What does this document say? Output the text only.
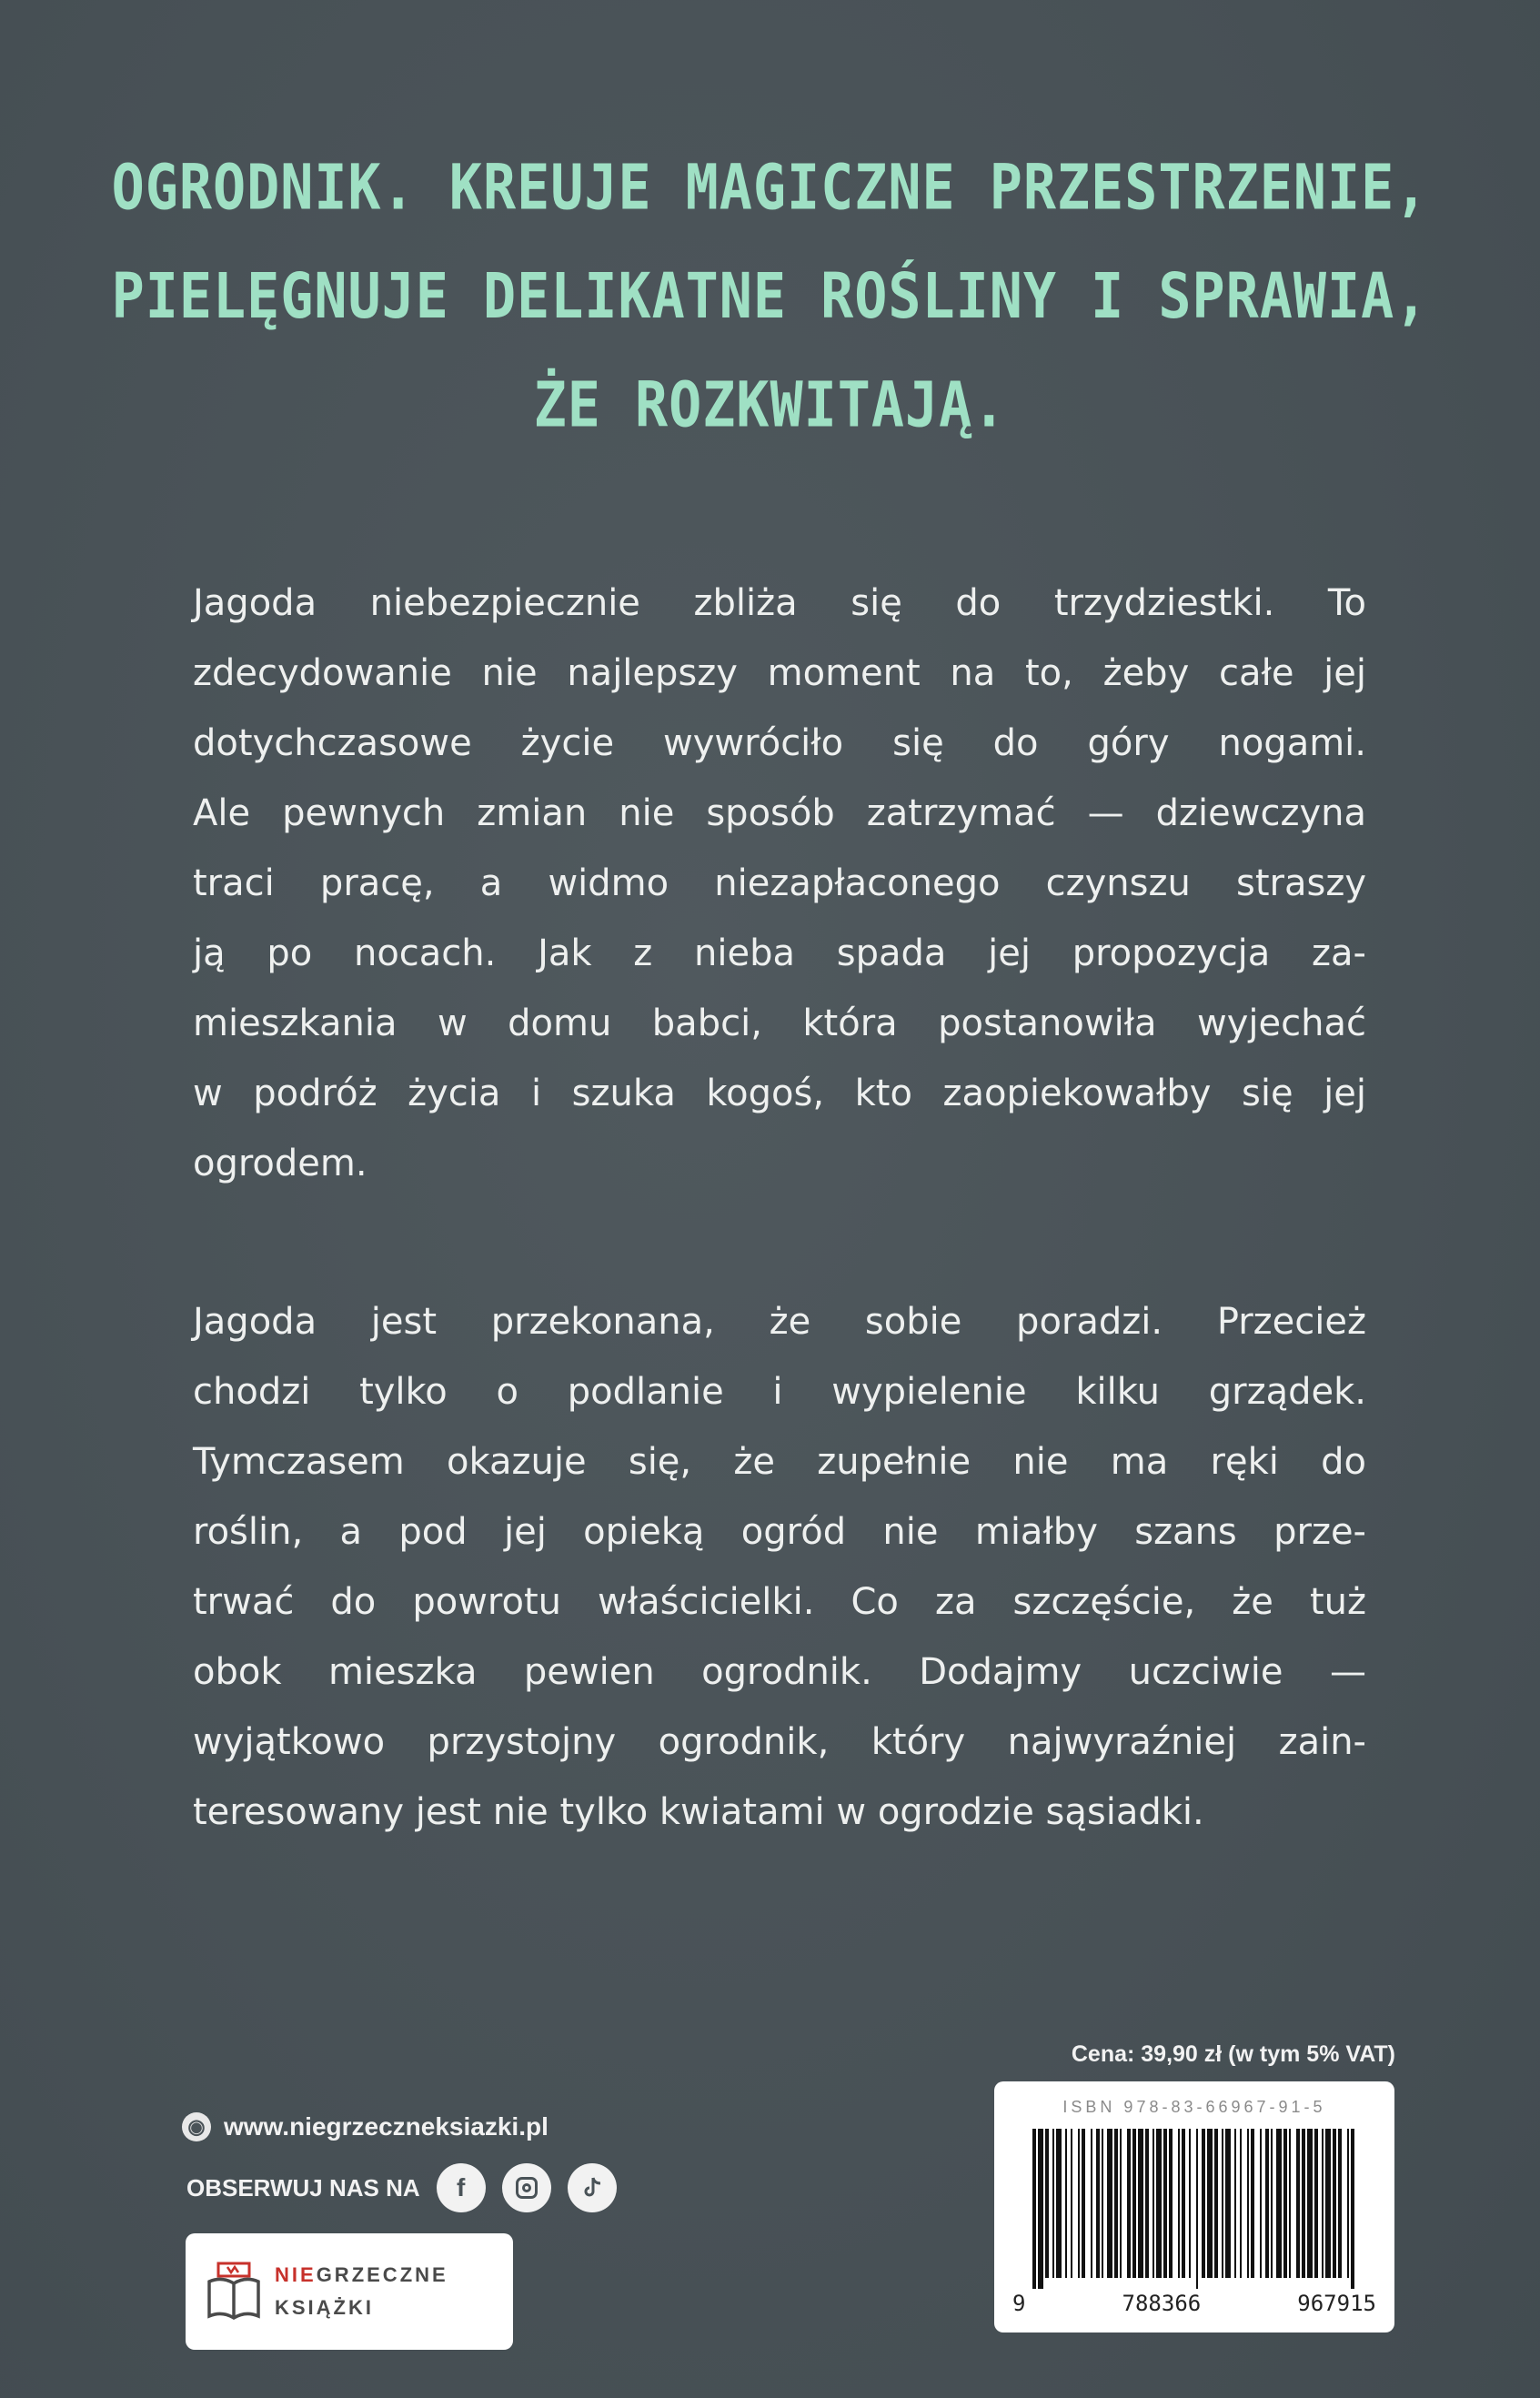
OGRODNIK. KREUJE MAGICZNE PRZESTRZENIE,
PIELĘGNUJE DELIKATNE ROŚLINY I SPRAWIA,
ŻE ROZKWITAJĄ.
Jagoda niebezpiecznie zbliża się do trzydziestki. To
zdecydowanie nie najlepszy moment na to, żeby całe jej
dotychczasowe życie wywróciło się do góry nogami.
Ale pewnych zmian nie sposób zatrzymać — dziewczyna
traci pracę, a widmo niezapłaconego czynszu straszy
ją po nocach. Jak z nieba spada jej propozycja za-
mieszkania w domu babci, która postanowiła wyjechać
w podróż życia i szuka kogoś, kto zaopiekowałby się jej
ogrodem.
Jagoda jest przekonana, że sobie poradzi. Przecież
chodzi tylko o podlanie i wypielenie kilku grządek.
Tymczasem okazuje się, że zupełnie nie ma ręki do
roślin, a pod jej opieką ogród nie miałby szans prze-
trwać do powrotu właścicielki. Co za szczęście, że tuż
obok mieszka pewien ogrodnik. Dodajmy uczciwie —
wyjątkowo przystojny ogrodnik, który najwyraźniej zain-
teresowany jest nie tylko kwiatami w ogrodzie sąsiadki.
◉ www.niegrzeczneksiazki.pl
OBSERWUJ NAS NA f
NIEGRZECZNE
KSIĄŻKI
Cena: 39,90 zł (w tym 5% VAT)
ISBN 978-83-66967-91-5
9	788366	967915
